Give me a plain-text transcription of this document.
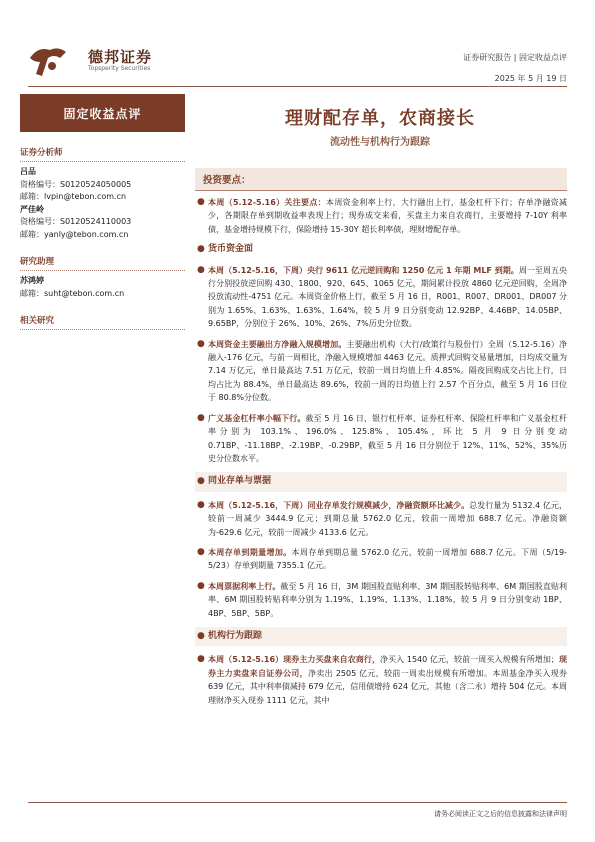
德邦证券
Topsperity Securities
证券研究报告 | 固定收益点评
2025 年 5 月 19 日
固定收益点评
证券分析师
吕品
资格编号：S0120524050005
邮箱：lvpin@tebon.com.cn
严佳岭
资格编号：S0120524110003
邮箱：yanly@tebon.com.cn
研究助理
苏鸿婷
邮箱：suht@tebon.com.cn
相关研究
理财配存单，农商接长
流动性与机构行为跟踪
投资要点：
● 本周（5.12-5.16）关注要点：本周资金利率上行，大行融出上行，基金杠杆下行；存单净融资减少，各期限存单到期收益率表现上行；现券成交来看，买盘主力来自农商行，主要增持 7-10Y 利率债，基金增持规模下行，保险增持 15-30Y 超长利率债，理财增配存单。
● 货币资金面
● 本周（5.12-5.16，下周）央行 9611 亿元逆回购和 1250 亿元 1 年期 MLF 到期。周一至周五央行分别投放逆回购 430、1800、920、645、1065 亿元，期间累计投放 4860 亿元逆回购，全周净投放流动性-4751 亿元。本周资金价格上行，截至 5 月 16 日，R001、R007、DR001、DR007 分别为 1.65%、1.63%、1.63%、1.64%，较 5 月 9 日分别变动 12.92BP、4.46BP、14.05BP、9.65BP，分别位于 26%、10%、26%、7%历史分位数。
● 本周资金主要融出方净融入规模增加。主要融出机构（大行/政策行与股份行）全周（5.12-5.16）净融入-176 亿元，与前一周相比，净融入规模增加 4463 亿元。质押式回购交易量增加，日均成交量为 7.14 万亿元，单日最高达 7.51 万亿元，较前一周日均值上升 4.85%。隔夜回购成交占比上行，日均占比为 88.4%，单日最高达 89.6%，较前一周的日均值上行 2.57 个百分点，截至 5 月 16 日位于 80.8%分位数。
● 广义基金杠杆率小幅下行。截至 5 月 16 日，银行杠杆率、证券杠杆率、保险杠杆率和广义基金杠杆率分别为 103.1%、196.0%、125.8%、105.4%，环比 5 月 9 日分别变动 0.71BP、-11.18BP、-2.19BP、-0.29BP，截至 5 月 16 日分别位于 12%、11%、52%、35%历史分位数水平。
● 同业存单与票据
● 本周（5.12-5.16，下周）同业存单发行规模减少，净融资额环比减少。总发行量为 5132.4 亿元，较前一周减少 3444.9 亿元；到期总量 5762.0 亿元，较前一周增加 688.7 亿元。净融资额为-629.6 亿元，较前一周减少 4133.6 亿元。
● 本周存单到期量增加。本周存单到期总量 5762.0 亿元，较前一周增加 688.7 亿元。下周（5/19-5/23）存单到期量 7355.1 亿元。
● 本周票据利率上行。截至 5 月 16 日，3M 期国股直贴利率、3M 期国股转贴利率、6M 期国股直贴利率、6M 期国股转贴利率分别为 1.19%、1.19%、1.13%、1.18%，较 5 月 9 日分别变动 1BP、4BP、5BP、5BP。
● 机构行为跟踪
● 本周（5.12-5.16）现券主力买盘来自农商行，净买入 1540 亿元，较前一周买入规模有所增加；现券主力卖盘来自证券公司，净卖出 2505 亿元，较前一周卖出规模有所增加。本周基金净买入现券 639 亿元，其中利率债减持 679 亿元，信用债增持 624 亿元，其他（含二永）增持 504 亿元。本周理财净买入现券 1111 亿元，其中
请务必阅读正文之后的信息披露和法律声明
